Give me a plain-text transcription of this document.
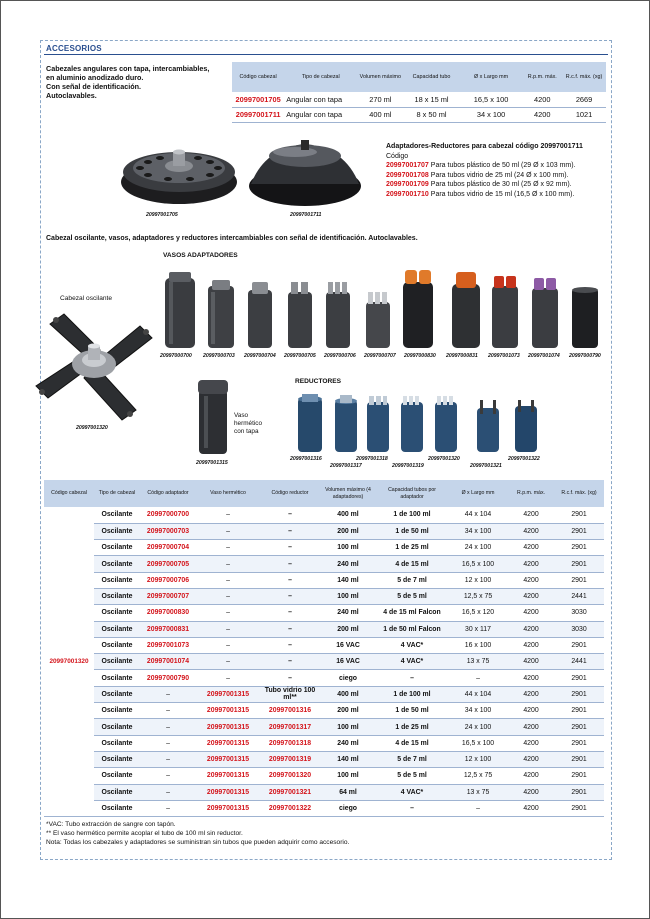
ACCESORIOS
Cabezales angulares con tapa, intercambiables,
en aluminio anodizado duro.
Con señal de identificación.
Autoclavables.
Código cabezal	Tipo de cabezal	Volumen máximo	Capacidad tubo	Ø x Largo mm	R.p.m. máx.	R.c.f. máx. (xg)
20997001705	Angular con tapa	270 ml	18 x 15 ml	16,5 x 100	4200	2669
20997001711	Angular con tapa	400 ml	8 x 50 ml	34 x 100	4200	1021
20997001705	20997001711
Adaptadores-Reductores para cabezal código 20997001711
Código
20997001707 Para tubos plástico de 50 ml (29 Ø x 103 mm).
20997001708 Para tubos vidrio de 25 ml (24 Ø x 100 mm).
20997001709 Para tubos plástico de 30 ml (25 Ø x 92 mm).
20997001710 Para tubos vidrio de 15 ml (16,5 Ø x 100 mm).
Cabezal oscilante, vasos, adaptadores y reductores intercambiables con señal de identificación. Autoclavables.
VASOS ADAPTADORES
Cabezal oscilante
20997001320
20997000700 20997000703 20997000704 20997000705 20997000706 20997000707 20997000830 20997000831 20997001073 20997001074 20997000790
Vaso
hermético
con tapa
20997001315
REDUCTORES
20997001316
20997001317
20997001318
20997001319
20997001320
20997001321
20997001322
Código cabezal	Tipo de cabezal	Código adaptador	Vaso hermético	Código reductor	Volumen máximo (4 adaptadores)	Capacidad tubos por adaptador	Ø x Largo mm	R.p.m. máx.	R.c.f. máx. (xg)
20997001320	Oscilante	20997000700	–	–	400 ml	1 de 100 ml	44 x 104	4200	2901
	Oscilante	20997000703	–	–	200 ml	1 de 50 ml	34 x 100	4200	2901
	Oscilante	20997000704	–	–	100 ml	1 de 25 ml	24 x 100	4200	2901
	Oscilante	20997000705	–	–	240 ml	4 de 15 ml	16,5 x 100	4200	2901
	Oscilante	20997000706	–	–	140 ml	5 de 7 ml	12 x 100	4200	2901
	Oscilante	20997000707	–	–	100 ml	5 de 5 ml	12,5 x 75	4200	2441
	Oscilante	20997000830	–	–	240 ml	4 de 15 ml Falcon	16,5 x 120	4200	3030
	Oscilante	20997000831	–	–	200 ml	1 de 50 ml Falcon	30 x 117	4200	3030
	Oscilante	20997001073	–	–	16 VAC	4 VAC*	16 x 100	4200	2901
	Oscilante	20997001074	–	–	16 VAC	4 VAC*	13 x 75	4200	2441
	Oscilante	20997000790	–	–	ciego	–	–	4200	2901
	Oscilante	–	20997001315	Tubo vidrio 100 ml**	400 ml	1 de 100 ml	44 x 104	4200	2901
	Oscilante	–	20997001315	20997001316	200 ml	1 de 50 ml	34 x 100	4200	2901
	Oscilante	–	20997001315	20997001317	100 ml	1 de 25 ml	24 x 100	4200	2901
	Oscilante	–	20997001315	20997001318	240 ml	4 de 15 ml	16,5 x 100	4200	2901
	Oscilante	–	20997001315	20997001319	140 ml	5 de 7 ml	12 x 100	4200	2901
	Oscilante	–	20997001315	20997001320	100 ml	5 de 5 ml	12,5 x 75	4200	2901
	Oscilante	–	20997001315	20997001321	64 ml	4 VAC*	13 x 75	4200	2901
	Oscilante	–	20997001315	20997001322	ciego	–	–	4200	2901
*VAC: Tubo extracción de sangre con tapón.
** El vaso hermético permite acoplar el tubo de 100 ml sin reductor.
Nota: Todas los cabezales y adaptadores se suministran sin tubos que pueden adquirir como accesorio.
